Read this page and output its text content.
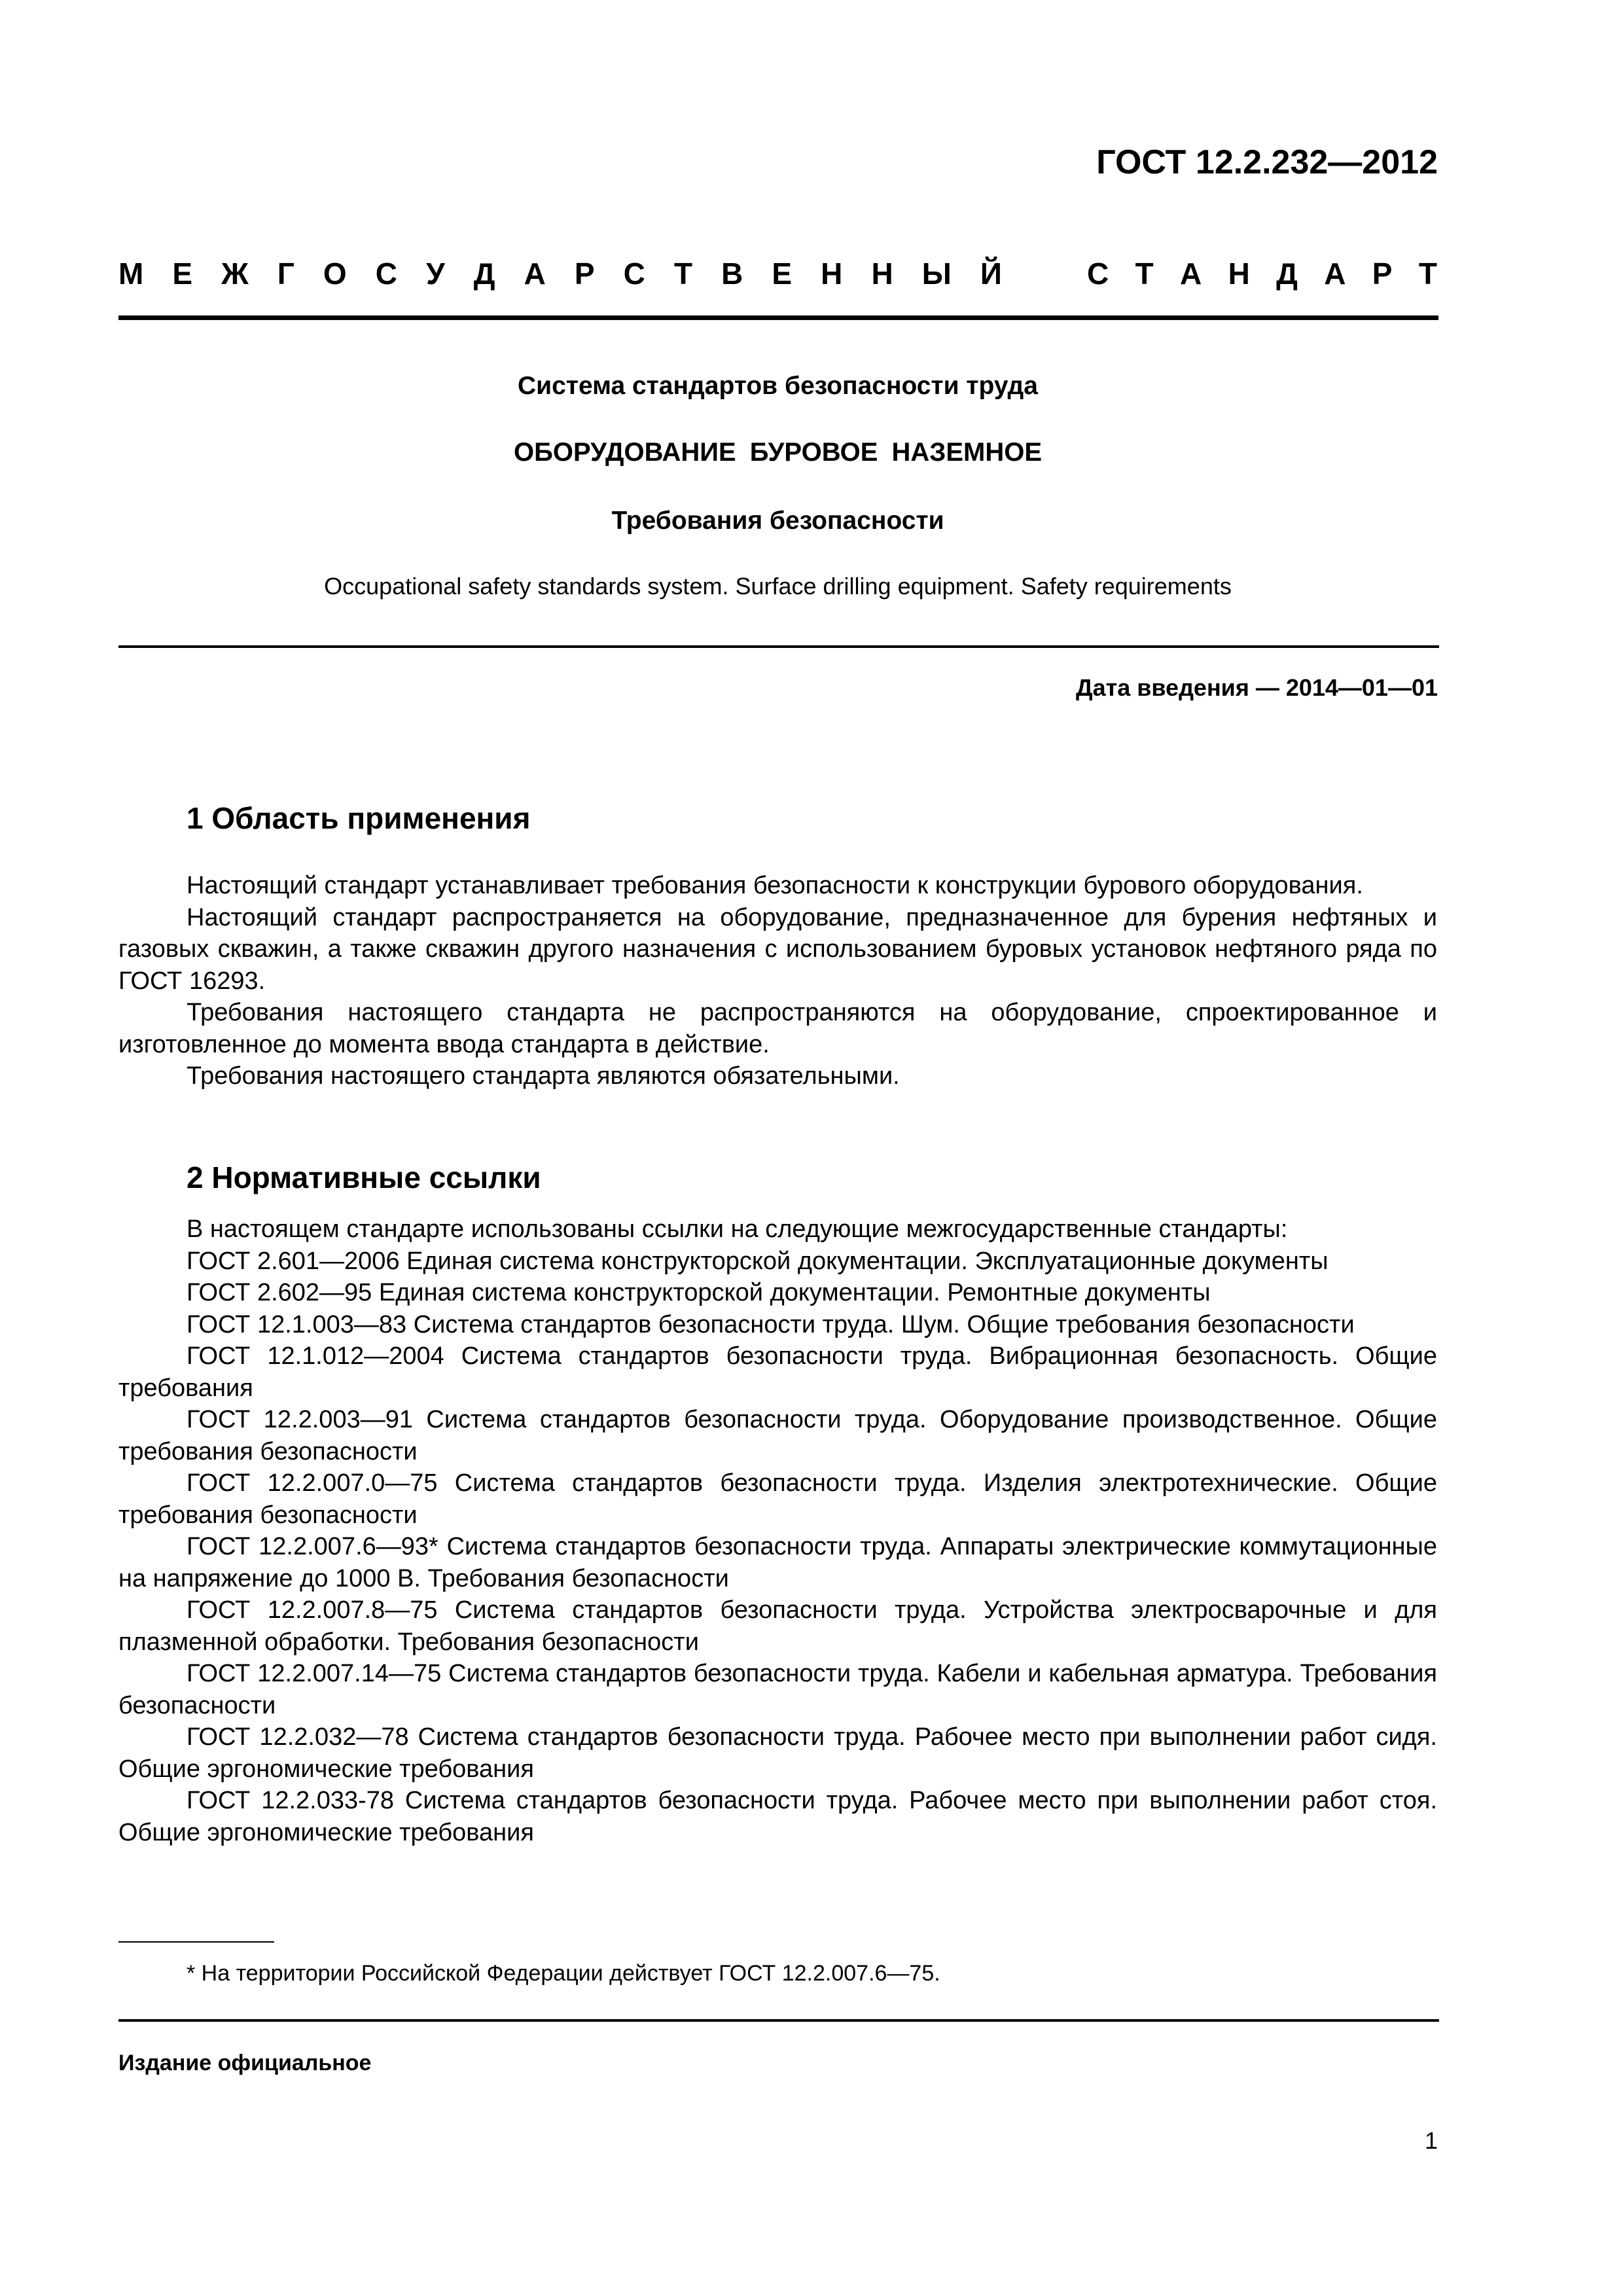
ГОСТ 12.2.232—2012
М Е Ж Г О С У Д А Р С Т В Е Н Н Ы Й	С Т А Н Д А Р Т
Система стандартов безопасности труда
ОБОРУДОВАНИЕ БУРОВОЕ НАЗЕМНОЕ
Требования безопасности
Occupational safety standards system. Surface drilling equipment. Safety requirements
Дата введения — 2014—01—01
1 Область применения

Настоящий стандарт устанавливает требования безопасности к конструкции бурового оборудования.

Настоящий стандарт распространяется на оборудование, предназначенное для бурения нефтяных и газовых скважин, а также скважин другого назначения с использованием буровых установок нефтяного ряда по ГОСТ 16293.

Требования настоящего стандарта не распространяются на оборудование, спроектированное и изготовленное до момента ввода стандарта в действие.

Требования настоящего стандарта являются обязательными.

2 Нормативные ссылки

В настоящем стандарте использованы ссылки на следующие межгосударственные стандарты:

ГОСТ 2.601—2006 Единая система конструкторской документации. Эксплуатационные документы

ГОСТ 2.602—95 Единая система конструкторской документации. Ремонтные документы

ГОСТ 12.1.003—83 Система стандартов безопасности труда. Шум. Общие требования безопасности

ГОСТ 12.1.012—2004 Система стандартов безопасности труда. Вибрационная безопасность. Общие требования

ГОСТ 12.2.003—91 Система стандартов безопасности труда. Оборудование производственное. Общие требования безопасности

ГОСТ 12.2.007.0—75 Система стандартов безопасности труда. Изделия электротехнические. Общие требования безопасности

ГОСТ 12.2.007.6—93* Система стандартов безопасности труда. Аппараты электрические коммутационные на напряжение до 1000 В. Требования безопасности

ГОСТ 12.2.007.8—75 Система стандартов безопасности труда. Устройства электросварочные и для плазменной обработки. Требования безопасности

ГОСТ 12.2.007.14—75 Система стандартов безопасности труда. Кабели и кабельная арматура. Требования безопасности

ГОСТ 12.2.032—78 Система стандартов безопасности труда. Рабочее место при выполнении работ сидя. Общие эргономические требования

ГОСТ 12.2.033-78 Система стандартов безопасности труда. Рабочее место при выполнении работ стоя. Общие эргономические требования

* На территории Российской Федерации действует ГОСТ 12.2.007.6—75.
Издание официальное
1
